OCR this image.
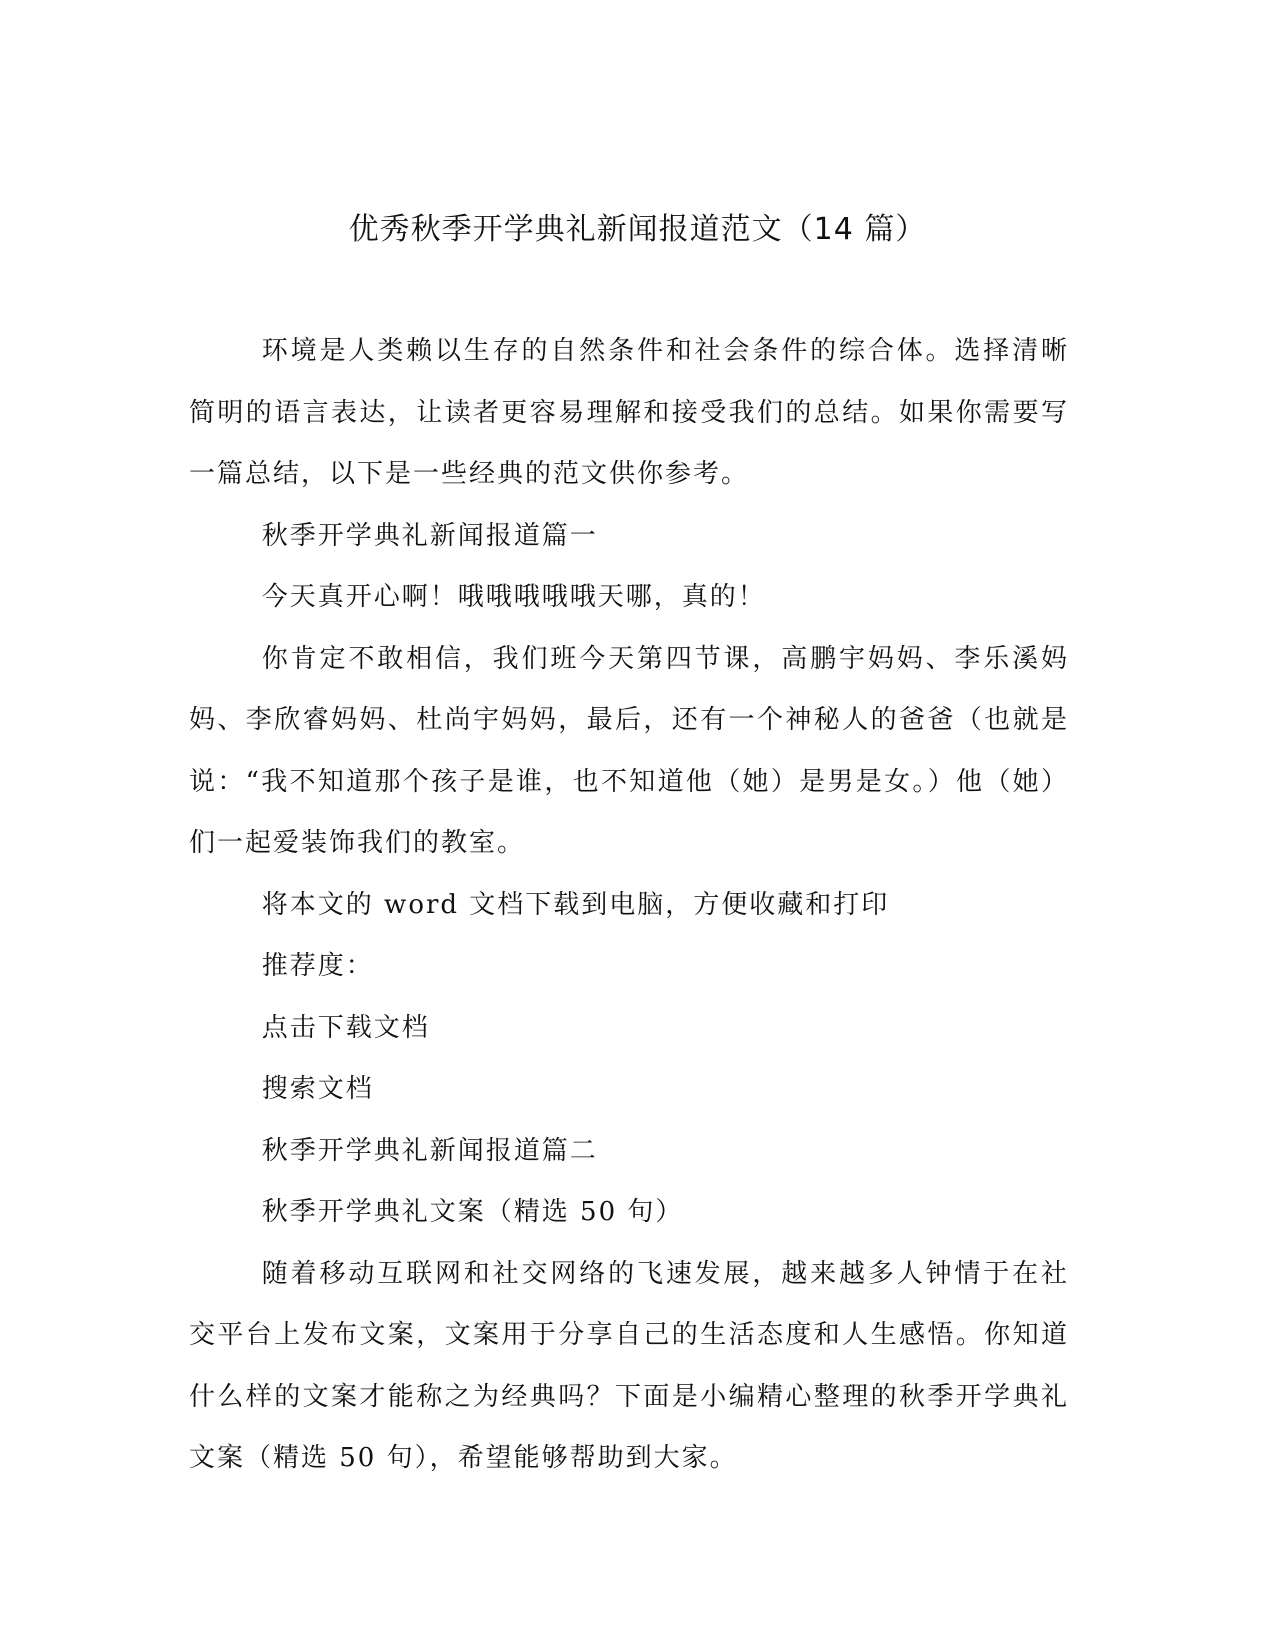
优秀秋季开学典礼新闻报道范文（14 篇）

环境是人类赖以生存的自然条件和社会条件的综合体。选择清晰简明的语言表达，让读者更容易理解和接受我们的总结。如果你需要写一篇总结，以下是一些经典的范文供你参考。

秋季开学典礼新闻报道篇一

今天真开心啊！哦哦哦哦哦天哪，真的！

你肯定不敢相信，我们班今天第四节课，高鹏宇妈妈、李乐溪妈妈、李欣睿妈妈、杜尚宇妈妈，最后，还有一个神秘人的爸爸（也就是说：“我不知道那个孩子是谁，也不知道他（她）是男是女。）他（她）们一起爱装饰我们的教室。

将本文的 word 文档下载到电脑，方便收藏和打印

推荐度：

点击下载文档

搜索文档

秋季开学典礼新闻报道篇二

秋季开学典礼文案（精选 50 句）

随着移动互联网和社交网络的飞速发展，越来越多人钟情于在社交平台上发布文案，文案用于分享自己的生活态度和人生感悟。你知道什么样的文案才能称之为经典吗？下面是小编精心整理的秋季开学典礼文案（精选 50 句），希望能够帮助到大家。
